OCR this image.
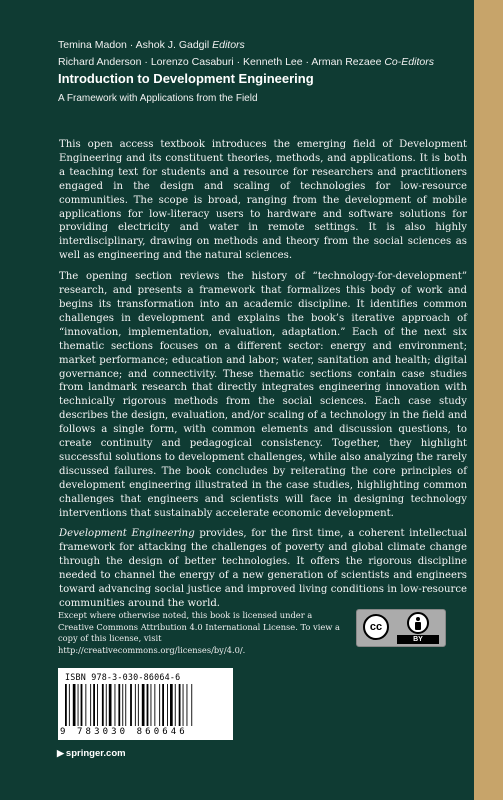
Temina Madon · Ashok J. Gadgil Editors
Richard Anderson · Lorenzo Casaburi · Kenneth Lee · Arman Rezaee Co-Editors
Introduction to Development Engineering
A Framework with Applications from the Field

This open access textbook introduces the emerging field of Development Engineering and its constituent theories, methods, and applications. It is both a teaching text for students and a resource for researchers and practitioners engaged in the design and scaling of technologies for low-resource communities. The scope is broad, ranging from the development of mobile applications for low-literacy users to hardware and software solutions for providing electricity and water in remote settings. It is also highly interdisciplinary, drawing on methods and theory from the social sciences as well as engineering and the natural sciences.

The opening section reviews the history of “technology-for-development” research, and presents a framework that formalizes this body of work and begins its transformation into an academic discipline. It identifies common challenges in development and explains the book’s iterative approach of “innovation, implementation, evaluation, adaptation.” Each of the next six thematic sections focuses on a different sector: energy and environment; market performance; education and labor; water, sanitation and health; digital governance; and connectivity. These thematic sections contain case studies from landmark research that directly integrates engineering innovation with technically rigorous methods from the social sciences. Each case study describes the design, evaluation, and/or scaling of a technology in the field and follows a single form, with common elements and discussion questions, to create continuity and pedagogical consistency. Together, they highlight successful solutions to development challenges, while also analyzing the rarely discussed failures. The book concludes by reiterating the core principles of development engineering illustrated in the case studies, highlighting common challenges that engineers and scientists will face in designing technology interventions that sustainably accelerate economic development.

Development Engineering provides, for the first time, a coherent intellectual framework for attacking the challenges of poverty and global climate change through the design of better technologies. It offers the rigorous discipline needed to channel the energy of a new generation of scientists and engineers toward advancing social justice and improved living conditions in low-resource communities around the world.

Except where otherwise noted, this book is licensed under a Creative Commons Attribution 4.0 International License. To view a copy of this license, visit http://creativecommons.org/licenses/by/4.0/.
cc
BY
ISBN 978-3-030-86064-6
9 783030 860646
▶ springer.com
